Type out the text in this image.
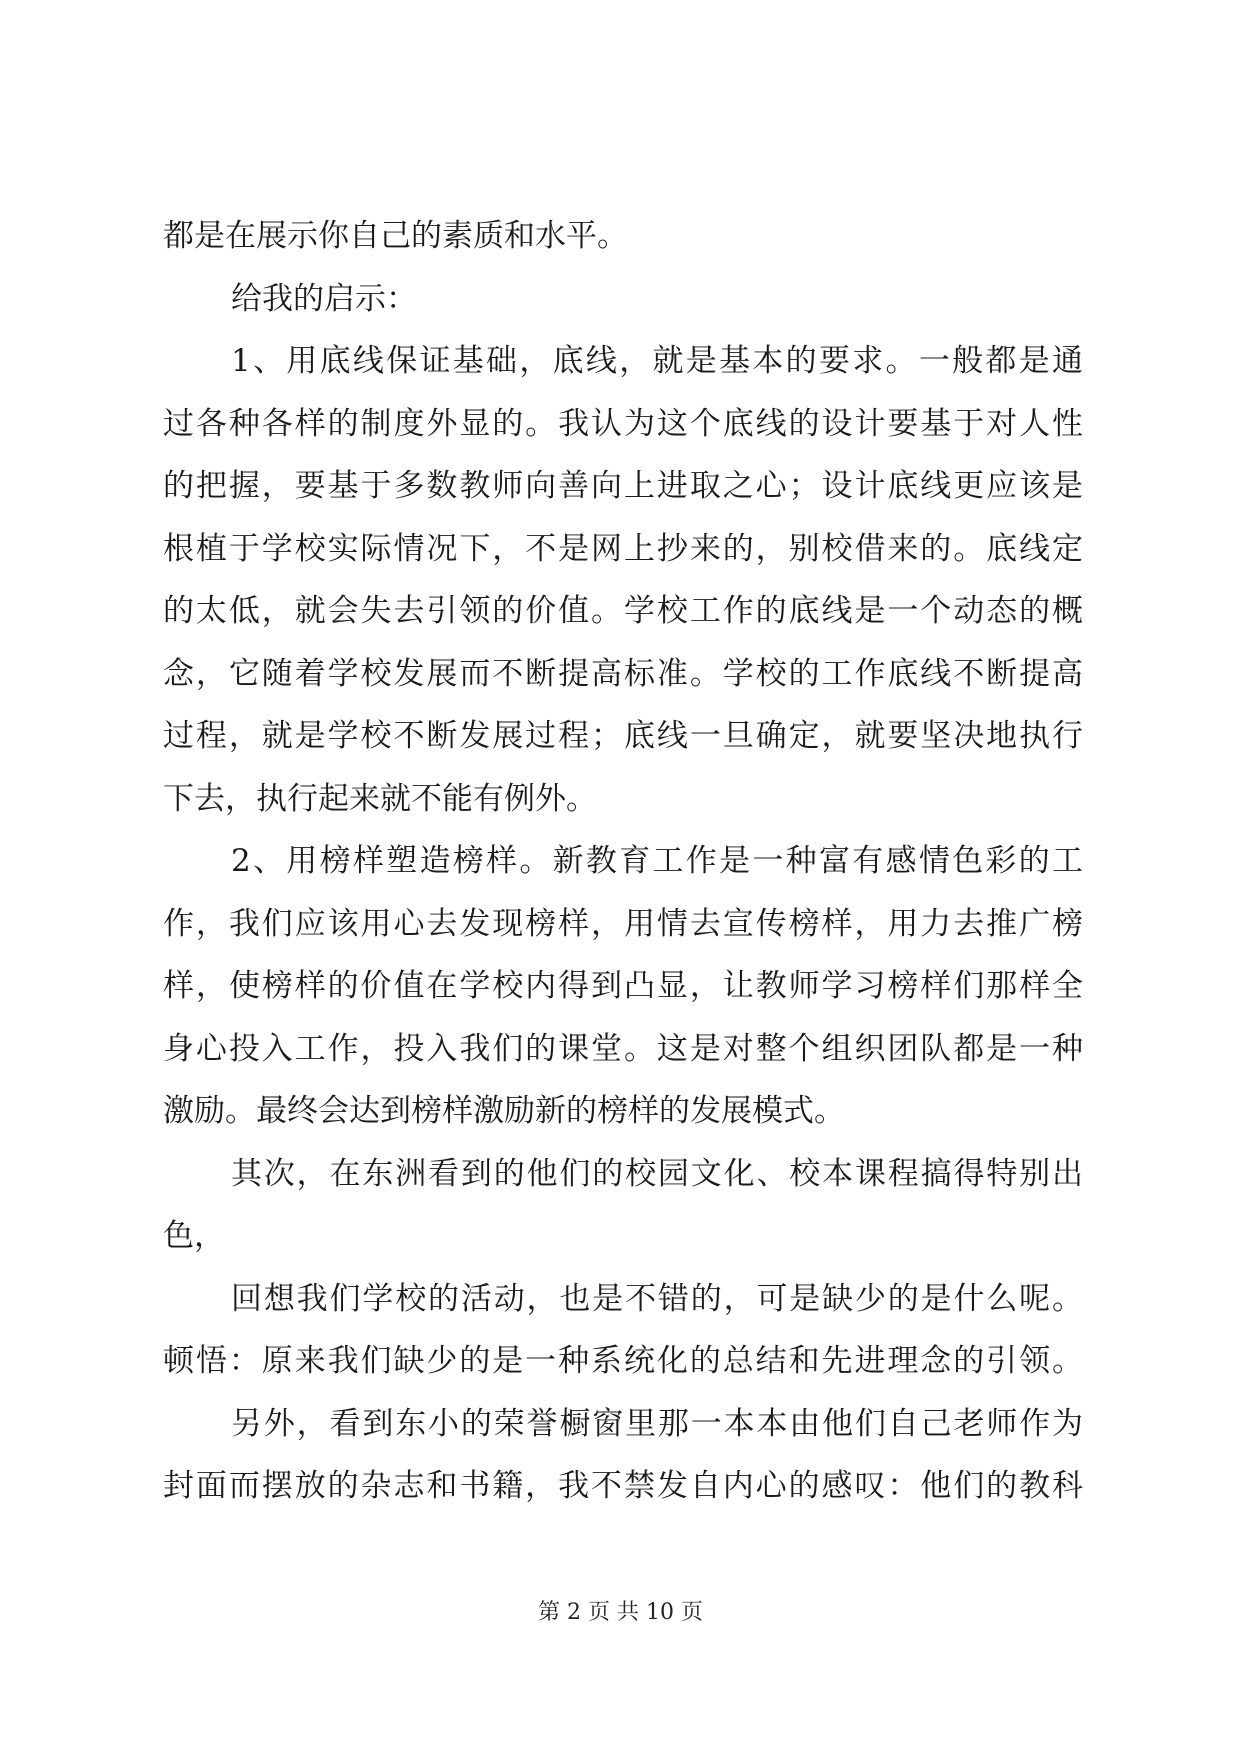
都是在展示你自己的素质和水平。
给我的启示：
1、用底线保证基础，底线，就是基本的要求。一般都是通
过各种各样的制度外显的。我认为这个底线的设计要基于对人性
的把握，要基于多数教师向善向上进取之心；设计底线更应该是
根植于学校实际情况下，不是网上抄来的，别校借来的。底线定
的太低，就会失去引领的价值。学校工作的底线是一个动态的概
念，它随着学校发展而不断提高标准。学校的工作底线不断提高
过程，就是学校不断发展过程；底线一旦确定，就要坚决地执行
下去，执行起来就不能有例外。
2、用榜样塑造榜样。新教育工作是一种富有感情色彩的工
作，我们应该用心去发现榜样，用情去宣传榜样，用力去推广榜
样，使榜样的价值在学校内得到凸显，让教师学习榜样们那样全
身心投入工作，投入我们的课堂。这是对整个组织团队都是一种
激励。最终会达到榜样激励新的榜样的发展模式。
其次，在东洲看到的他们的校园文化、校本课程搞得特别出
色，
回想我们学校的活动，也是不错的，可是缺少的是什么呢。
顿悟：原来我们缺少的是一种系统化的总结和先进理念的引领。
另外，看到东小的荣誉橱窗里那一本本由他们自己老师作为
封面而摆放的杂志和书籍，我不禁发自内心的感叹：他们的教科
第 2 页 共 10 页
